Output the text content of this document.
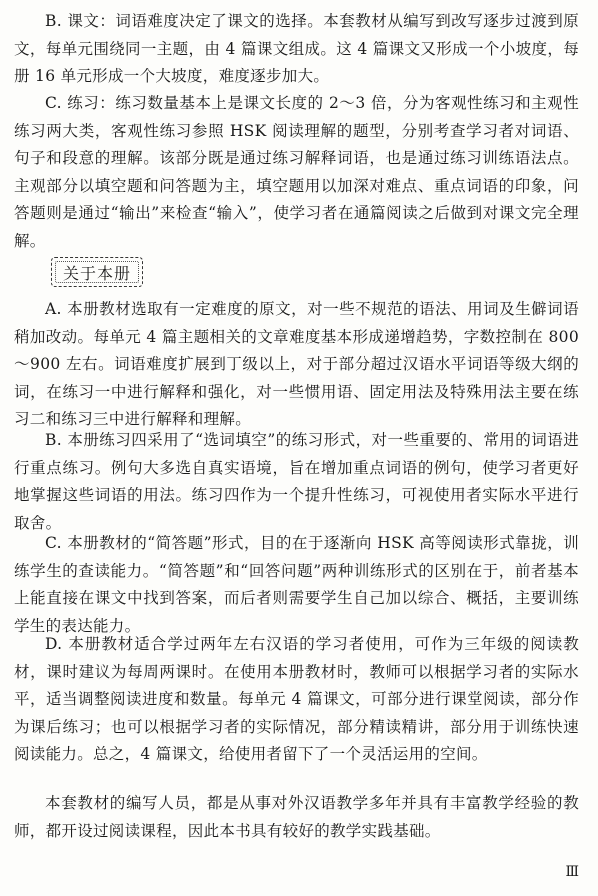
B. 课文：词语难度决定了课文的选择。本套教材从编写到改写逐步过渡到原文，每单元围绕同一主题，由 4 篇课文组成。这 4 篇课文又形成一个小坡度，每册 16 单元形成一个大坡度，难度逐步加大。

C. 练习：练习数量基本上是课文长度的 2～3 倍，分为客观性练习和主观性练习两大类，客观性练习参照 HSK 阅读理解的题型，分别考查学习者对词语、句子和段意的理解。该部分既是通过练习解释词语，也是通过练习训练语法点。主观部分以填空题和问答题为主，填空题用以加深对难点、重点词语的印象，问答题则是通过“输出”来检查“输入”，使学习者在通篇阅读之后做到对课文完全理解。

关于本册

A. 本册教材选取有一定难度的原文，对一些不规范的语法、用词及生僻词语稍加改动。每单元 4 篇主题相关的文章难度基本形成递增趋势，字数控制在 800～900 左右。词语难度扩展到丁级以上，对于部分超过汉语水平词语等级大纲的词，在练习一中进行解释和强化，对一些惯用语、固定用法及特殊用法主要在练习二和练习三中进行解释和理解。

B. 本册练习四采用了“选词填空”的练习形式，对一些重要的、常用的词语进行重点练习。例句大多选自真实语境，旨在增加重点词语的例句，使学习者更好地掌握这些词语的用法。练习四作为一个提升性练习，可视使用者实际水平进行取舍。

C. 本册教材的“简答题”形式，目的在于逐渐向 HSK 高等阅读形式靠拢，训练学生的查读能力。“简答题”和“回答问题”两种训练形式的区别在于，前者基本上能直接在课文中找到答案，而后者则需要学生自己加以综合、概括，主要训练学生的表达能力。

D. 本册教材适合学过两年左右汉语的学习者使用，可作为三年级的阅读教材，课时建议为每周两课时。在使用本册教材时，教师可以根据学习者的实际水平，适当调整阅读进度和数量。每单元 4 篇课文，可部分进行课堂阅读，部分作为课后练习；也可以根据学习者的实际情况，部分精读精讲，部分用于训练快速阅读能力。总之，4 篇课文，给使用者留下了一个灵活运用的空间。

本套教材的编写人员，都是从事对外汉语教学多年并具有丰富教学经验的教师，都开设过阅读课程，因此本书具有较好的教学实践基础。

Ⅲ
